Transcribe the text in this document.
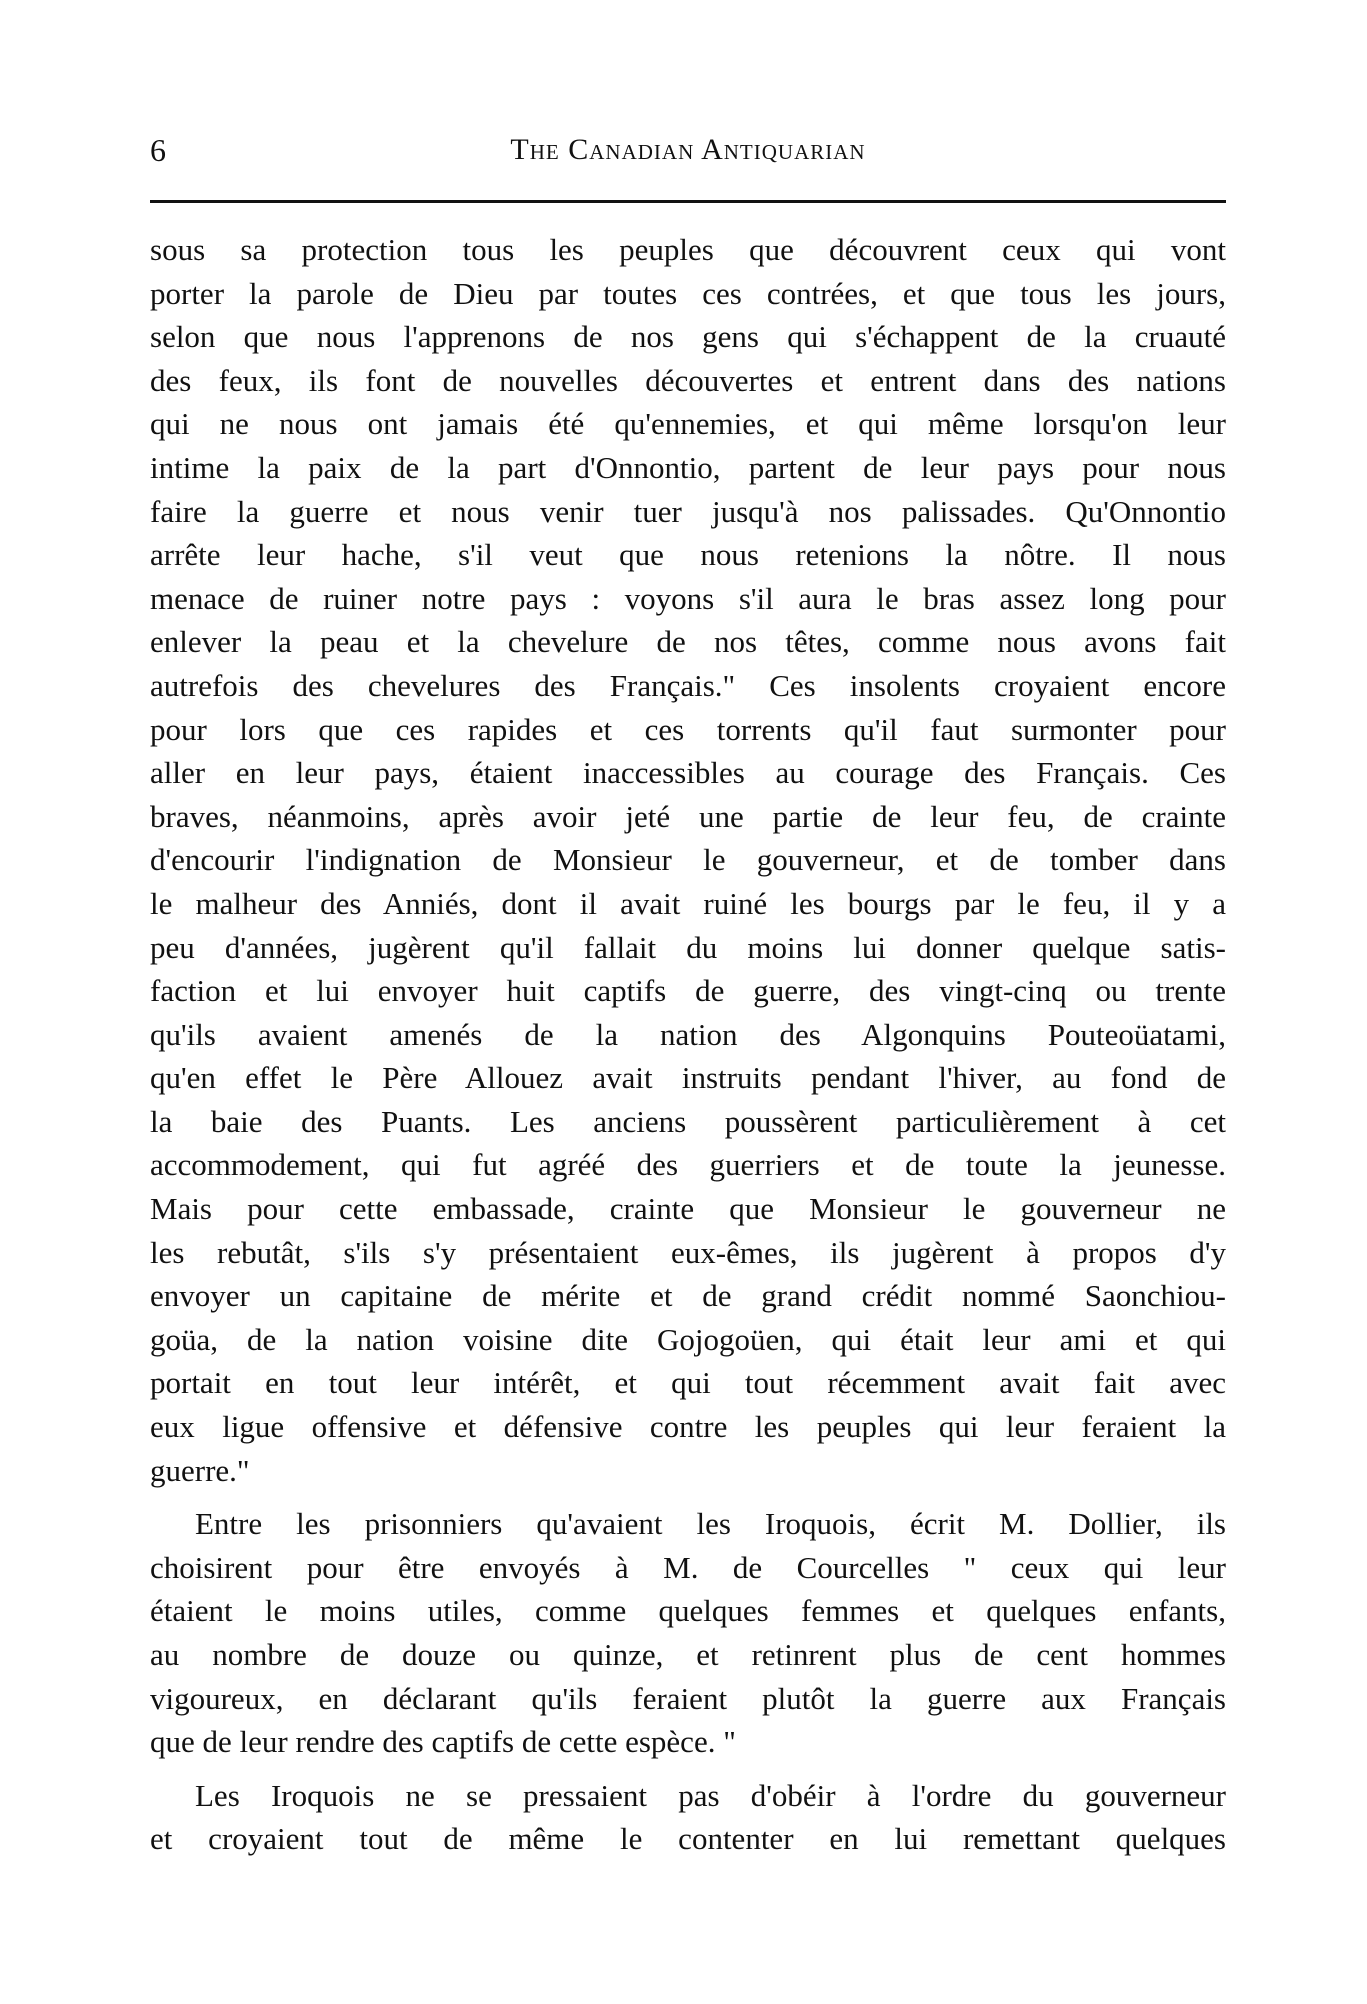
6	The Canadian Antiquarian
sous sa protection tous les peuples que découvrent ceux qui vont
porter la parole de Dieu par toutes ces contrées, et que tous les jours,
selon que nous l'apprenons de nos gens qui s'échappent de la cruauté
des feux, ils font de nouvelles découvertes et entrent dans des nations
qui ne nous ont jamais été qu'ennemies, et qui même lorsqu'on leur
intime la paix de la part d'Onnontio, partent de leur pays pour nous
faire la guerre et nous venir tuer jusqu'à nos palissades. Qu'Onnontio
arrête leur hache, s'il veut que nous retenions la nôtre. Il nous
menace de ruiner notre pays : voyons s'il aura le bras assez long pour
enlever la peau et la chevelure de nos têtes, comme nous avons fait
autrefois des chevelures des Français." Ces insolents croyaient encore
pour lors que ces rapides et ces torrents qu'il faut surmonter pour
aller en leur pays, étaient inaccessibles au courage des Français. Ces
braves, néanmoins, après avoir jeté une partie de leur feu, de crainte
d'encourir l'indignation de Monsieur le gouverneur, et de tomber dans
le malheur des Anniés, dont il avait ruiné les bourgs par le feu, il y a
peu d'années, jugèrent qu'il fallait du moins lui donner quelque satis-
faction et lui envoyer huit captifs de guerre, des vingt-cinq ou trente
qu'ils avaient amenés de la nation des Algonquins Pouteoüatami,
qu'en effet le Père Allouez avait instruits pendant l'hiver, au fond de
la baie des Puants. Les anciens poussèrent particulièrement à cet
accommodement, qui fut agréé des guerriers et de toute la jeunesse.
Mais pour cette embassade, crainte que Monsieur le gouverneur ne
les rebutât, s'ils s'y présentaient eux-êmes, ils jugèrent à propos d'y
envoyer un capitaine de mérite et de grand crédit nommé Saonchiou-
goüa, de la nation voisine dite Gojogoüen, qui était leur ami et qui
portait en tout leur intérêt, et qui tout récemment avait fait avec
eux ligue offensive et défensive contre les peuples qui leur feraient la
guerre."
Entre les prisonniers qu'avaient les Iroquois, écrit M. Dollier, ils
choisirent pour être envoyés à M. de Courcelles " ceux qui leur
étaient le moins utiles, comme quelques femmes et quelques enfants,
au nombre de douze ou quinze, et retinrent plus de cent hommes
vigoureux, en déclarant qu'ils feraient plutôt la guerre aux Français
que de leur rendre des captifs de cette espèce. "
Les Iroquois ne se pressaient pas d'obéir à l'ordre du gouverneur
et croyaient tout de même le contenter en lui remettant quelques
